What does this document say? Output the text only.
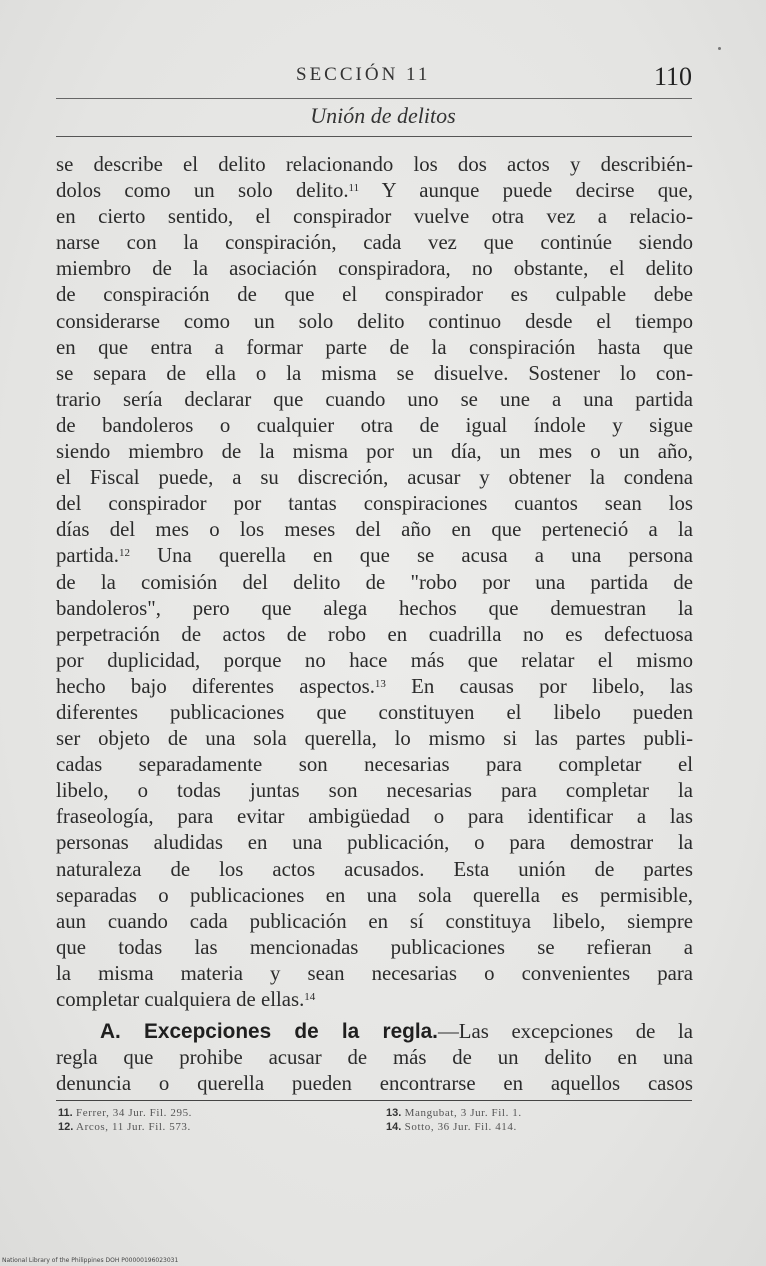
SECCIÓN 11	110
Unión de delitos
se describe el delito relacionando los dos actos y describién-
dolos como un solo delito.$^{11}$ Y aunque puede decirse que,
en cierto sentido, el conspirador vuelve otra vez a relacio-
narse con la conspiración, cada vez que continúe siendo
miembro de la asociación conspiradora, no obstante, el delito
de conspiración de que el conspirador es culpable debe
considerarse como un solo delito continuo desde el tiempo
en que entra a formar parte de la conspiración hasta que
se separa de ella o la misma se disuelve. Sostener lo con-
trario sería declarar que cuando uno se une a una partida
de bandoleros o cualquier otra de igual índole y sigue
siendo miembro de la misma por un día, un mes o un año,
el Fiscal puede, a su discreción, acusar y obtener la condena
del conspirador por tantas conspiraciones cuantos sean los
días del mes o los meses del año en que perteneció a la
partida.$^{12}$ Una querella en que se acusa a una persona
de la comisión del delito de "robo por una partida de
bandoleros", pero que alega hechos que demuestran la
perpetración de actos de robo en cuadrilla no es defectuosa
por duplicidad, porque no hace más que relatar el mismo
hecho bajo diferentes aspectos.$^{13}$ En causas por libelo, las
diferentes publicaciones que constituyen el libelo pueden
ser objeto de una sola querella, lo mismo si las partes publi-
cadas separadamente son necesarias para completar el
libelo, o todas juntas son necesarias para completar la
fraseología, para evitar ambigüedad o para identificar a las
personas aludidas en una publicación, o para demostrar la
naturaleza de los actos acusados. Esta unión de partes
separadas o publicaciones en una sola querella es permisible,
aun cuando cada publicación en sí constituya libelo, siempre
que todas las mencionadas publicaciones se refieran a
la misma materia y sean necesarias o convenientes para
completar cualquiera de ellas.$^{14}$
A. Excepciones de la regla.—Las excepciones de la
regla que prohibe acusar de más de un delito en una
denuncia o querella pueden encontrarse en aquellos casos
11. Ferrer, 34 Jur. Fil. 295.
12. Arcos, 11 Jur. Fil. 573.
13. Mangubat, 3 Jur. Fil. 1.
14. Sotto, 36 Jur. Fil. 414.
National Library of the Philippines DOH P00000196023031
